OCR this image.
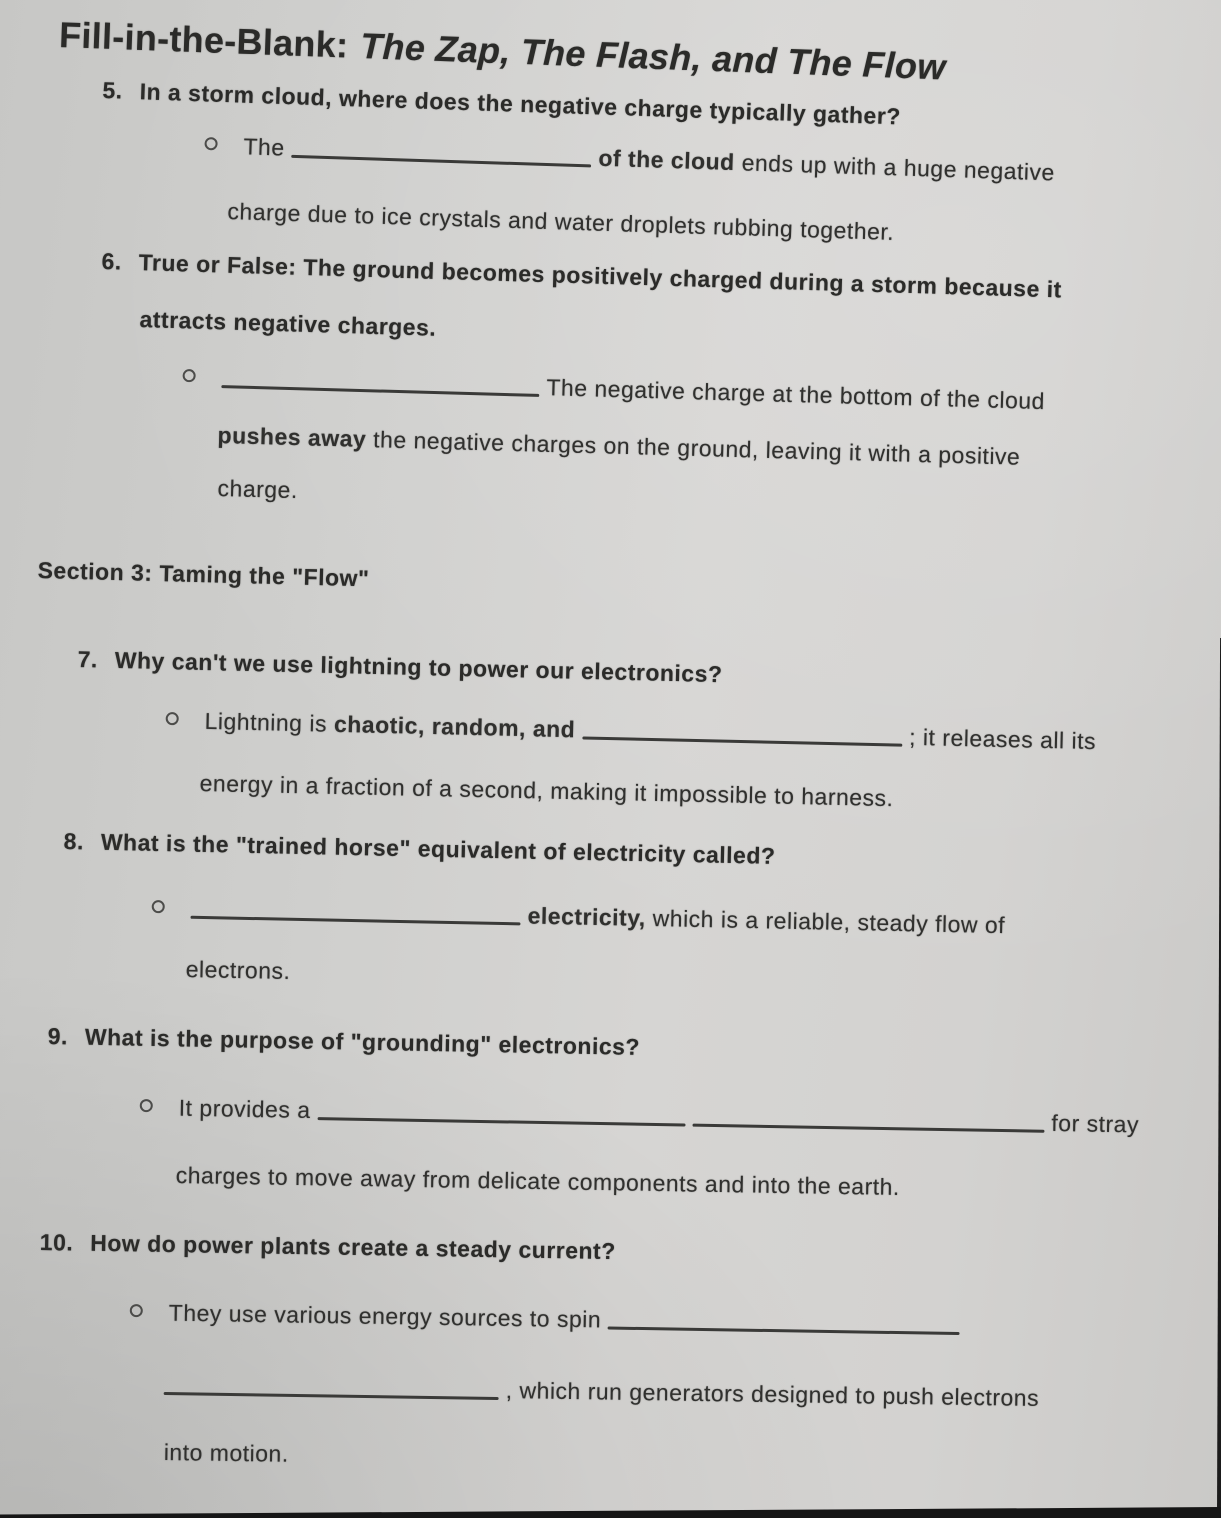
Fill-in-the-Blank: The Zap, The Flash, and The Flow
5. In a storm cloud, where does the negative charge typically gather?
The	of the cloud ends up with a huge negative
charge due to ice crystals and water droplets rubbing together.
6. True or False: The ground becomes positively charged during a storm because it
attracts negative charges.
The negative charge at the bottom of the cloud
pushes away the negative charges on the ground, leaving it with a positive
charge.
Section 3: Taming the "Flow"
7. Why can't we use lightning to power our electronics?
Lightning is chaotic, random, and	; it releases all its
energy in a fraction of a second, making it impossible to harness.
8. What is the "trained horse" equivalent of electricity called?
electricity, which is a reliable, steady flow of
electrons.
9. What is the purpose of "grounding" electronics?
It provides afor stray
charges to move away from delicate components and into the earth.
10. How do power plants create a steady current?
They use various energy sources to spin
, which run generators designed to push electrons
into motion.
